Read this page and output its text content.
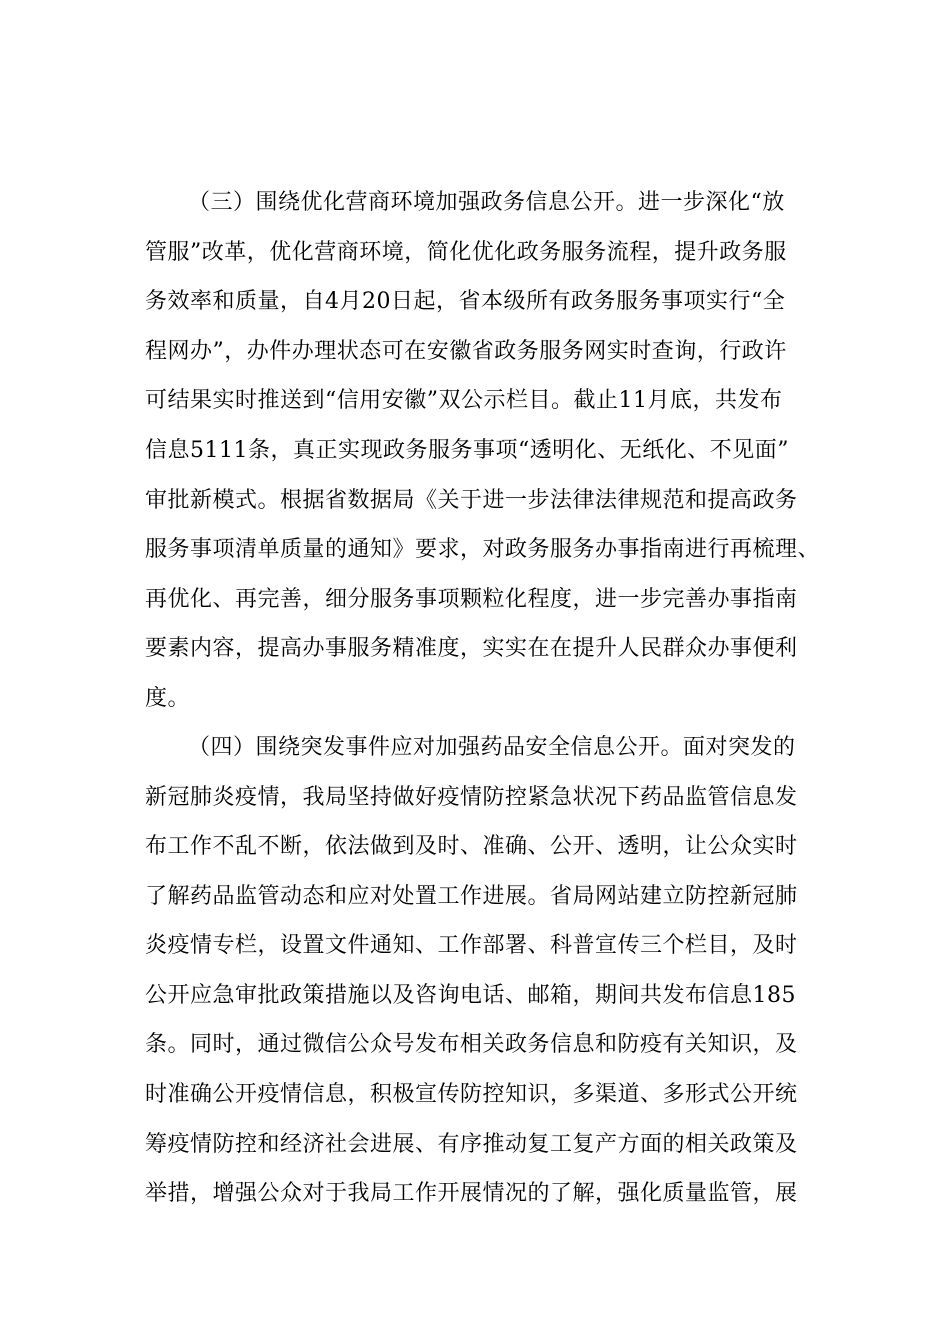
（三）围绕优化营商环境加强政务信息公开。进一步深化“放
管服”改革，优化营商环境，简化优化政务服务流程，提升政务服
务效率和质量，自4月20日起，省本级所有政务服务事项实行“全
程网办”，办件办理状态可在安徽省政务服务网实时查询，行政许
可结果实时推送到“信用安徽”双公示栏目。截止11月底，共发布
信息5111条，真正实现政务服务事项“透明化、无纸化、不见面”
审批新模式。根据省数据局《关于进一步法律法律规范和提高政务
服务事项清单质量的通知》要求，对政务服务办事指南进行再梳理、
再优化、再完善，细分服务事项颗粒化程度，进一步完善办事指南
要素内容，提高办事服务精准度，实实在在提升人民群众办事便利
度。
（四）围绕突发事件应对加强药品安全信息公开。面对突发的
新冠肺炎疫情，我局坚持做好疫情防控紧急状况下药品监管信息发
布工作不乱不断，依法做到及时、准确、公开、透明，让公众实时
了解药品监管动态和应对处置工作进展。省局网站建立防控新冠肺
炎疫情专栏，设置文件通知、工作部署、科普宣传三个栏目，及时
公开应急审批政策措施以及咨询电话、邮箱，期间共发布信息185
条。同时，通过微信公众号发布相关政务信息和防疫有关知识，及
时准确公开疫情信息，积极宣传防控知识，多渠道、多形式公开统
筹疫情防控和经济社会进展、有序推动复工复产方面的相关政策及
举措，增强公众对于我局工作开展情况的了解，强化质量监管，展
